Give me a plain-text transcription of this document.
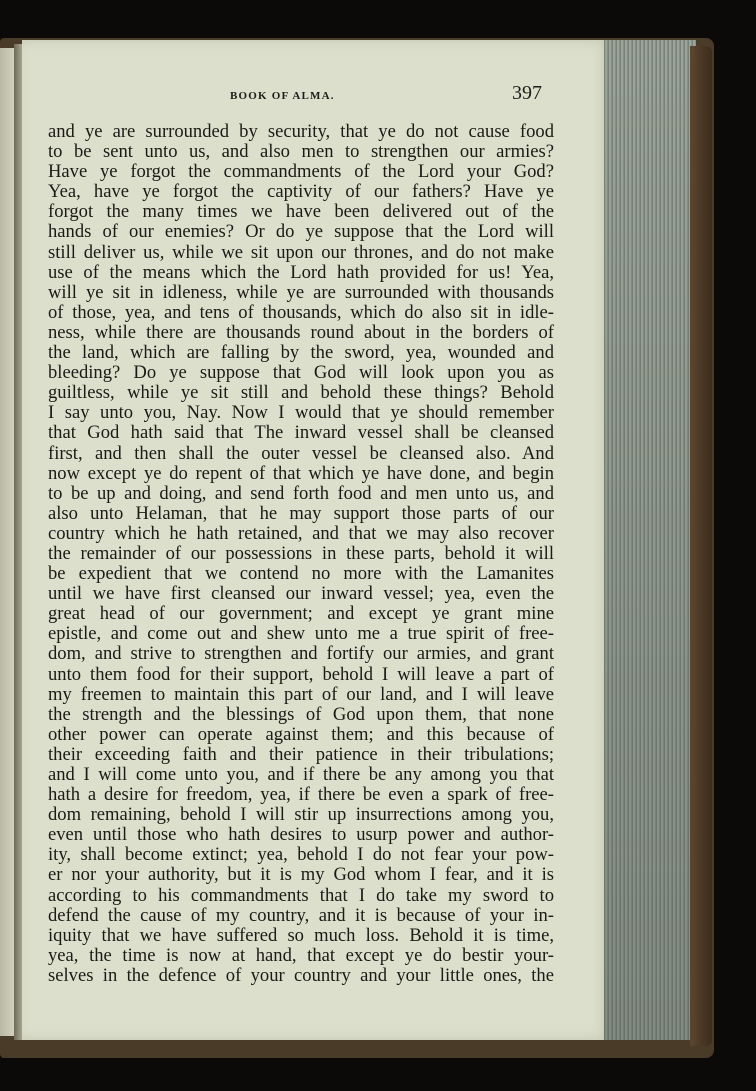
BOOK OF ALMA.	397
and ye are surrounded by security, that ye do not cause food
to be sent unto us, and also men to strengthen our armies?
Have ye forgot the commandments of the Lord your God?
Yea, have ye forgot the captivity of our fathers? Have ye
forgot the many times we have been delivered out of the
hands of our enemies? Or do ye suppose that the Lord will
still deliver us, while we sit upon our thrones, and do not make
use of the means which the Lord hath provided for us! Yea,
will ye sit in idleness, while ye are surrounded with thousands
of those, yea, and tens of thousands, which do also sit in idle-
ness, while there are thousands round about in the borders of
the land, which are falling by the sword, yea, wounded and
bleeding? Do ye suppose that God will look upon you as
guiltless, while ye sit still and behold these things? Behold
I say unto you, Nay. Now I would that ye should remember
that God hath said that The inward vessel shall be cleansed
first, and then shall the outer vessel be cleansed also. And
now except ye do repent of that which ye have done, and begin
to be up and doing, and send forth food and men unto us, and
also unto Helaman, that he may support those parts of our
country which he hath retained, and that we may also recover
the remainder of our possessions in these parts, behold it will
be expedient that we contend no more with the Lamanites
until we have first cleansed our inward vessel; yea, even the
great head of our government; and except ye grant mine
epistle, and come out and shew unto me a true spirit of free-
dom, and strive to strengthen and fortify our armies, and grant
unto them food for their support, behold I will leave a part of
my freemen to maintain this part of our land, and I will leave
the strength and the blessings of God upon them, that none
other power can operate against them; and this because of
their exceeding faith and their patience in their tribulations;
and I will come unto you, and if there be any among you that
hath a desire for freedom, yea, if there be even a spark of free-
dom remaining, behold I will stir up insurrections among you,
even until those who hath desires to usurp power and author-
ity, shall become extinct; yea, behold I do not fear your pow-
er nor your authority, but it is my God whom I fear, and it is
according to his commandments that I do take my sword to
defend the cause of my country, and it is because of your in-
iquity that we have suffered so much loss. Behold it is time,
yea, the time is now at hand, that except ye do bestir your-
selves in the defence of your country and your little ones, the
